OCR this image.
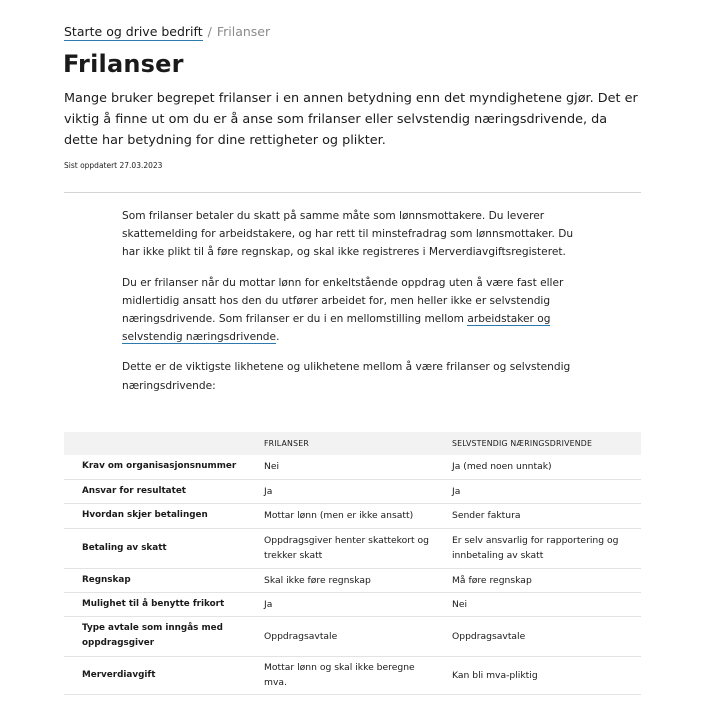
Starte og drive bedrift / Frilanser
Frilanser

Mange bruker begrepet frilanser i en annen betydning enn det myndighetene gjør. Det er viktig å finne ut om du er å anse som frilanser eller selvstendig næringsdrivende, da dette har betydning for dine rettigheter og plikter.

Sist oppdatert 27.03.2023

Som frilanser betaler du skatt på samme måte som lønnsmottakere. Du leverer skattemelding for arbeidstakere, og har rett til minstefradrag som lønnsmottaker. Du har ikke plikt til å føre regnskap, og skal ikke registreres i Merverdiavgiftsregisteret.

Du er frilanser når du mottar lønn for enkeltstående oppdrag uten å være fast eller midlertidig ansatt hos den du utfører arbeidet for, men heller ikke er selvstendig næringsdrivende. Som frilanser er du i en mellomstilling mellom arbeidstaker og selvstendig næringsdrivende.

Dette er de viktigste likhetene og ulikhetene mellom å være frilanser og selvstendig næringsdrivende:

	FRILANSER	SELVSTENDIG NÆRINGSDRIVENDE
Krav om organisasjonsnummer	Nei	Ja (med noen unntak)
Ansvar for resultatet	Ja	Ja
Hvordan skjer betalingen	Mottar lønn (men er ikke ansatt)	Sender faktura
Betaling av skatt	Oppdragsgiver henter skattekort og trekker skatt	Er selv ansvarlig for rapportering og innbetaling av skatt
Regnskap	Skal ikke føre regnskap	Må føre regnskap
Mulighet til å benytte frikort	Ja	Nei
Type avtale som inngås med oppdragsgiver	Oppdragsavtale	Oppdragsavtale
Merverdiavgift	Mottar lønn og skal ikke beregne mva.	Kan bli mva-pliktig
